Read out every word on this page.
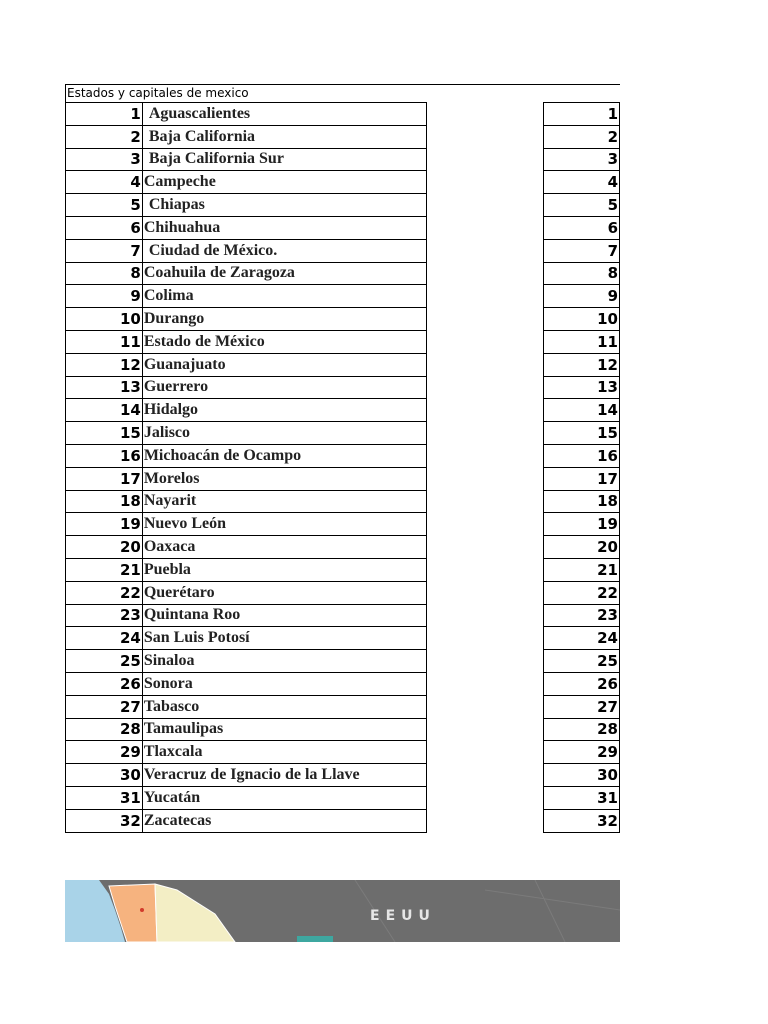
Estados y capitales de mexico
1	Aguascalientes		1
2	Baja California		2
3	Baja California Sur		3
4	Campeche		4
5	Chiapas		5
6	Chihuahua		6
7	Ciudad de México.		7
8	Coahuila de Zaragoza		8
9	Colima		9
10	Durango		10
11	Estado de México		11
12	Guanajuato		12
13	Guerrero		13
14	Hidalgo		14
15	Jalisco		15
16	Michoacán de Ocampo		16
17	Morelos		17
18	Nayarit		18
19	Nuevo León		19
20	Oaxaca		20
21	Puebla		21
22	Querétaro		22
23	Quintana Roo		23
24	San Luis Potosí		24
25	Sinaloa		25
26	Sonora		26
27	Tabasco		27
28	Tamaulipas		28
29	Tlaxcala		29
30	Veracruz de Ignacio de la Llave		30
31	Yucatán		31
32	Zacatecas		32
EEUU
